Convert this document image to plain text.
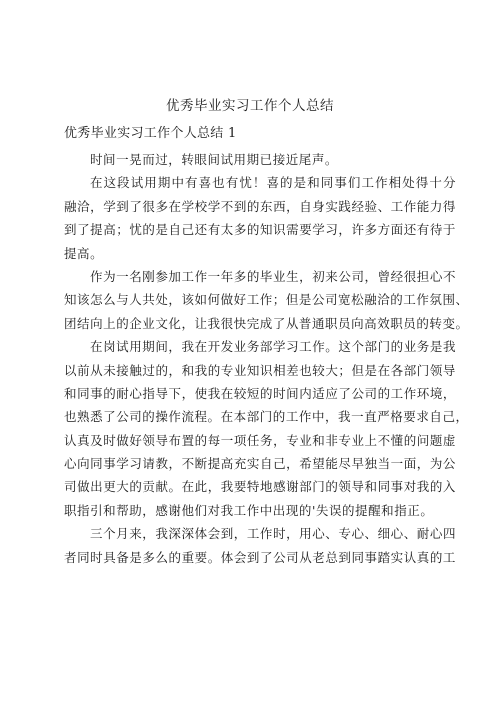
优秀毕业实习工作个人总结
优秀毕业实习工作个人总结 1
时间一晃而过，转眼间试用期已接近尾声。
在这段试用期中有喜也有忧！喜的是和同事们工作相处得十分
融洽，学到了很多在学校学不到的东西，自身实践经验、工作能力得
到了提高；忧的是自己还有太多的知识需要学习，许多方面还有待于
提高。
作为一名刚参加工作一年多的毕业生，初来公司，曾经很担心不
知该怎么与人共处，该如何做好工作；但是公司宽松融洽的工作氛围、
团结向上的企业文化，让我很快完成了从普通职员向高效职员的转变。
在岗试用期间，我在开发业务部学习工作。这个部门的业务是我
以前从未接触过的，和我的专业知识相差也较大；但是在各部门领导
和同事的耐心指导下，使我在较短的时间内适应了公司的工作环境，
也熟悉了公司的操作流程。在本部门的工作中，我一直严格要求自己，
认真及时做好领导布置的每一项任务，专业和非专业上不懂的问题虚
心向同事学习请教，不断提高充实自己，希望能尽早独当一面，为公
司做出更大的贡献。在此，我要特地感谢部门的领导和同事对我的入
职指引和帮助，感谢他们对我工作中出现的'失误的提醒和指正。
三个月来，我深深体会到，工作时，用心、专心、细心、耐心四
者同时具备是多么的重要。体会到了公司从老总到同事踏实认真的工
